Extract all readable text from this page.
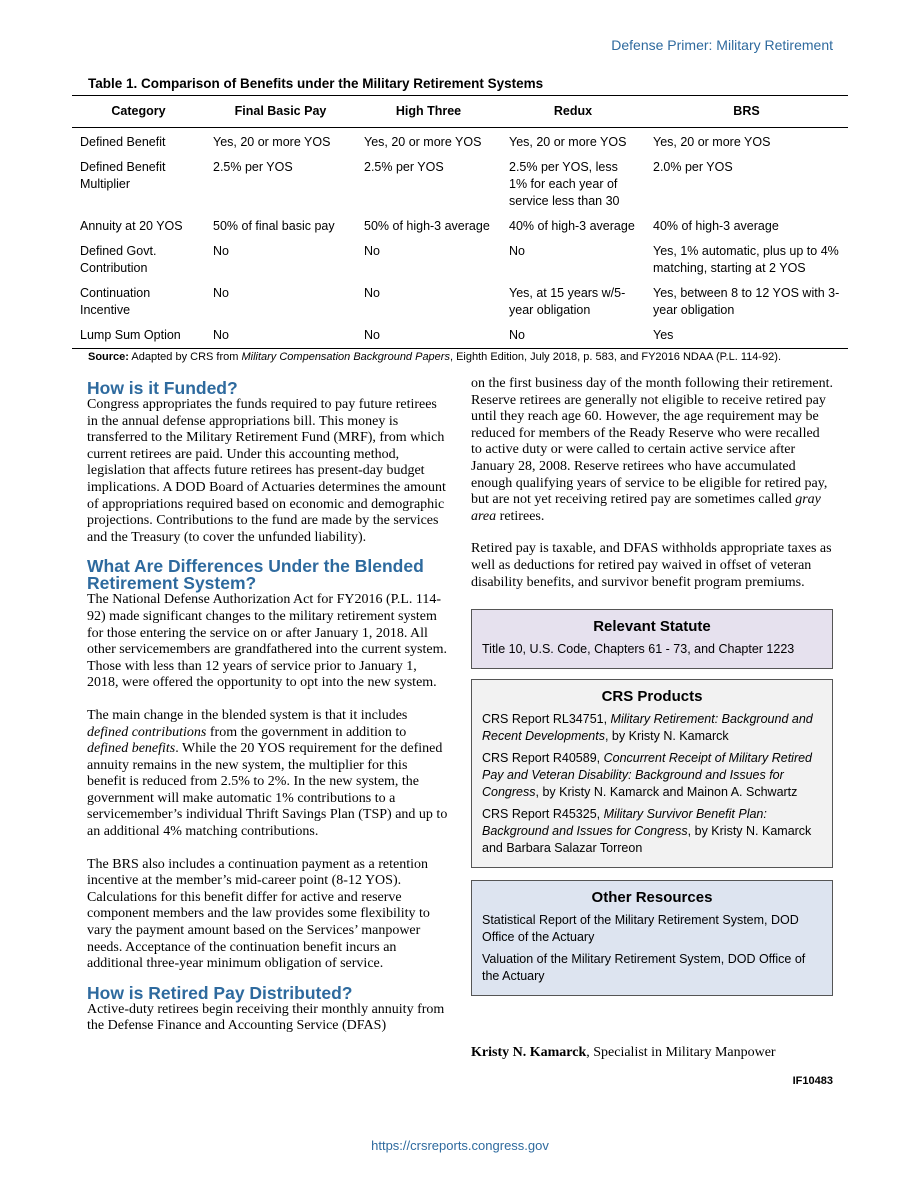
Defense Primer: Military Retirement
Table 1. Comparison of Benefits under the Military Retirement Systems
Category	Final Basic Pay	High Three	Redux	BRS
Defined Benefit	Yes, 20 or more YOS	Yes, 20 or more YOS	Yes, 20 or more YOS	Yes, 20 or more YOS
Defined Benefit Multiplier	2.5% per YOS	2.5% per YOS	2.5% per YOS, less 1% for each year of service less than 30	2.0% per YOS
Annuity at 20 YOS	50% of final basic pay	50% of high-3 average	40% of high-3 average	40% of high-3 average
Defined Govt. Contribution	No	No	No	Yes, 1% automatic, plus up to 4% matching, starting at 2 YOS
Continuation Incentive	No	No	Yes, at 15 years w/5-year obligation	Yes, between 8 to 12 YOS with 3-year obligation
Lump Sum Option	No	No	No	Yes
Source: Adapted by CRS from Military Compensation Background Papers, Eighth Edition, July 2018, p. 583, and FY2016 NDAA (P.L. 114-92).
How is it Funded?

Congress appropriates the funds required to pay future retirees in the annual defense appropriations bill. This money is transferred to the Military Retirement Fund (MRF), from which current retirees are paid. Under this accounting method, legislation that affects future retirees has present-day budget implications. A DOD Board of Actuaries determines the amount of appropriations required based on economic and demographic projections. Contributions to the fund are made by the services and the Treasury (to cover the unfunded liability).

What Are Differences Under the Blended Retirement System?

The National Defense Authorization Act for FY2016 (P.L. 114-92) made significant changes to the military retirement system for those entering the service on or after January 1, 2018. All other servicemembers are grandfathered into the current system. Those with less than 12 years of service prior to January 1, 2018, were offered the opportunity to opt into the new system.

The main change in the blended system is that it includes defined contributions from the government in addition to defined benefits. While the 20 YOS requirement for the defined annuity remains in the new system, the multiplier for this benefit is reduced from 2.5% to 2%. In the new system, the government will make automatic 1% contributions to a servicemember’s individual Thrift Savings Plan (TSP) and up to an additional 4% matching contributions.

The BRS also includes a continuation payment as a retention incentive at the member’s mid-career point (8-12 YOS). Calculations for this benefit differ for active and reserve component members and the law provides some flexibility to vary the payment amount based on the Services’ manpower needs. Acceptance of the continuation benefit incurs an additional three-year minimum obligation of service.

How is Retired Pay Distributed?

Active-duty retirees begin receiving their monthly annuity from the Defense Finance and Accounting Service (DFAS)

on the first business day of the month following their retirement. Reserve retirees are generally not eligible to receive retired pay until they reach age 60. However, the age requirement may be reduced for members of the Ready Reserve who were recalled to active duty or were called to certain active service after January 28, 2008. Reserve retirees who have accumulated enough qualifying years of service to be eligible for retired pay, but are not yet receiving retired pay are sometimes called gray area retirees.

Retired pay is taxable, and DFAS withholds appropriate taxes as well as deductions for retired pay waived in offset of veteran disability benefits, and survivor benefit program premiums.

Relevant Statute
Title 10, U.S. Code, Chapters 61 - 73, and Chapter 1223
CRS Products
CRS Report RL34751, Military Retirement: Background and Recent Developments, by Kristy N. Kamarck
CRS Report R40589, Concurrent Receipt of Military Retired Pay and Veteran Disability: Background and Issues for Congress, by Kristy N. Kamarck and Mainon A. Schwartz
CRS Report R45325, Military Survivor Benefit Plan: Background and Issues for Congress, by Kristy N. Kamarck and Barbara Salazar Torreon
Other Resources
Statistical Report of the Military Retirement System, DOD Office of the Actuary
Valuation of the Military Retirement System, DOD Office of the Actuary
Kristy N. Kamarck, Specialist in Military Manpower
IF10483
https://crsreports.congress.gov
